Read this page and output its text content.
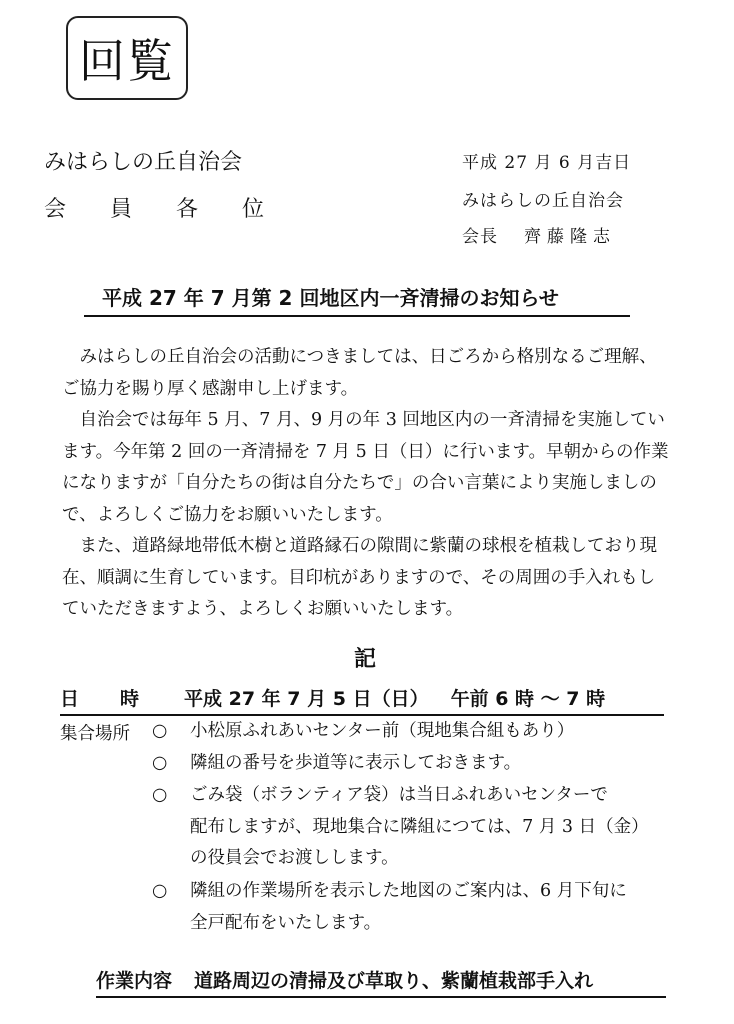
回覧
みはらしの丘自治会
会 員 各 位
平成 27 月 6 月吉日
みはらしの丘自治会
会長 齊藤隆志
平成 27 年 7 月第 2 回地区内一斉清掃のお知らせ

　みはらしの丘自治会の活動につきましては、日ごろから格別なるご理解、

ご協力を賜り厚く感謝申し上げます。

　自治会では毎年 5 月、7 月、9 月の年 3 回地区内の一斉清掃を実施してい

ます。今年第 2 回の一斉清掃を 7 月 5 日（日）に行います。早朝からの作業

になりますが「自分たちの街は自分たちで」の合い言葉により実施しましの

で、よろしくご協力をお願いいたします。

　また、道路緑地帯低木樹と道路縁石の隙間に紫蘭の球根を植栽しており現

在、順調に生育しています。目印杭がありますので、その周囲の手入れもし

ていただきますよう、よろしくお願いいたします。

記
日 時 平成 27 年 7 月 5 日（日） 午前 6 時 ～ 7 時
集合場所 ○ 小松原ふれあいセンター前（現地集合組もあり）
○ 隣組の番号を歩道等に表示しておきます。
○ ごみ袋（ボランティア袋）は当日ふれあいセンターで
配布しますが、現地集合に隣組につては、7 月 3 日（金）
の役員会でお渡しします。
○ 隣組の作業場所を表示した地図のご案内は、6 月下旬に
全戸配布をいたします。
作業内容 道路周辺の清掃及び草取り、紫蘭植栽部手入れ
